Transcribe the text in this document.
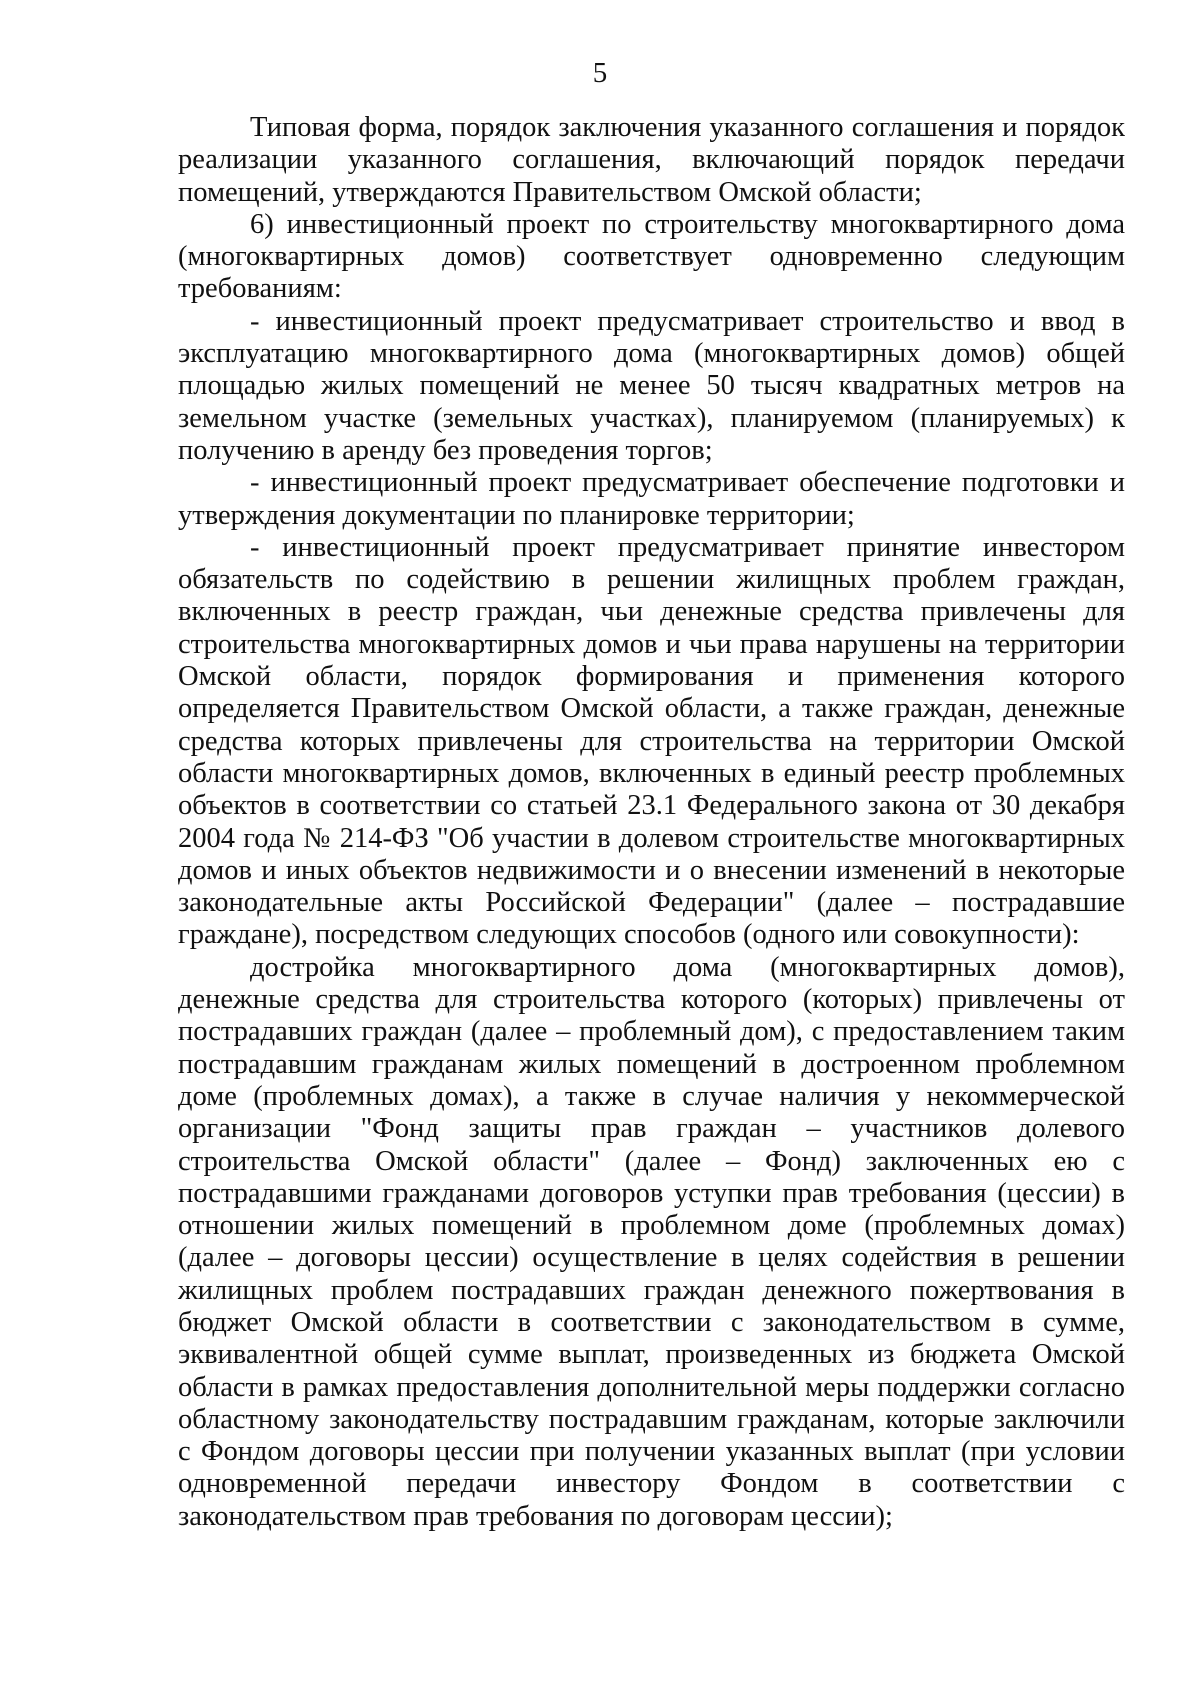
5

Типовая форма, порядок заключения указанного соглашения и порядок реализации указанного соглашения, включающий порядок передачи помещений, утверждаются Правительством Омской области;

6) инвестиционный проект по строительству многоквартирного дома (многоквартирных домов) соответствует одновременно следующим требованиям:

- инвестиционный проект предусматривает строительство и ввод в эксплуатацию многоквартирного дома (многоквартирных домов) общей площадью жилых помещений не менее 50 тысяч квадратных метров на земельном участке (земельных участках), планируемом (планируемых) к получению в аренду без проведения торгов;

- инвестиционный проект предусматривает обеспечение подготовки и утверждения документации по планировке территории;

- инвестиционный проект предусматривает принятие инвестором обязательств по содействию в решении жилищных проблем граждан, включенных в реестр граждан, чьи денежные средства привлечены для строительства многоквартирных домов и чьи права нарушены на территории Омской области, порядок формирования и применения которого определяется Правительством Омской области, а также граждан, денежные средства которых привлечены для строительства на территории Омской области многоквартирных домов, включенных в единый реестр проблемных объектов в соответствии со статьей 23.1 Федерального закона от 30 декабря 2004 года № 214-ФЗ "Об участии в долевом строительстве многоквартирных домов и иных объектов недвижимости и о внесении изменений в некоторые законодательные акты Российской Федерации" (далее – пострадавшие граждане), посредством следующих способов (одного или совокупности):

достройка многоквартирного дома (многоквартирных домов), денежные средства для строительства которого (которых) привлечены от пострадавших граждан (далее – проблемный дом), с предоставлением таким пострадавшим гражданам жилых помещений в достроенном проблемном доме (проблемных домах), а также в случае наличия у некоммерческой организации "Фонд защиты прав граждан – участников долевого строительства Омской области" (далее – Фонд) заключенных ею с пострадавшими гражданами договоров уступки прав требования (цессии) в отношении жилых помещений в проблемном доме (проблемных домах) (далее – договоры цессии) осуществление в целях содействия в решении жилищных проблем пострадавших граждан денежного пожертвования в бюджет Омской области в соответствии с законодательством в сумме, эквивалентной общей сумме выплат, произведенных из бюджета Омской области в рамках предоставления дополнительной меры поддержки согласно областному законодательству пострадавшим гражданам, которые заключили с Фондом договоры цессии при получении указанных выплат (при условии одновременной передачи инвестору Фондом в соответствии с законодательством прав требования по договорам цессии);
